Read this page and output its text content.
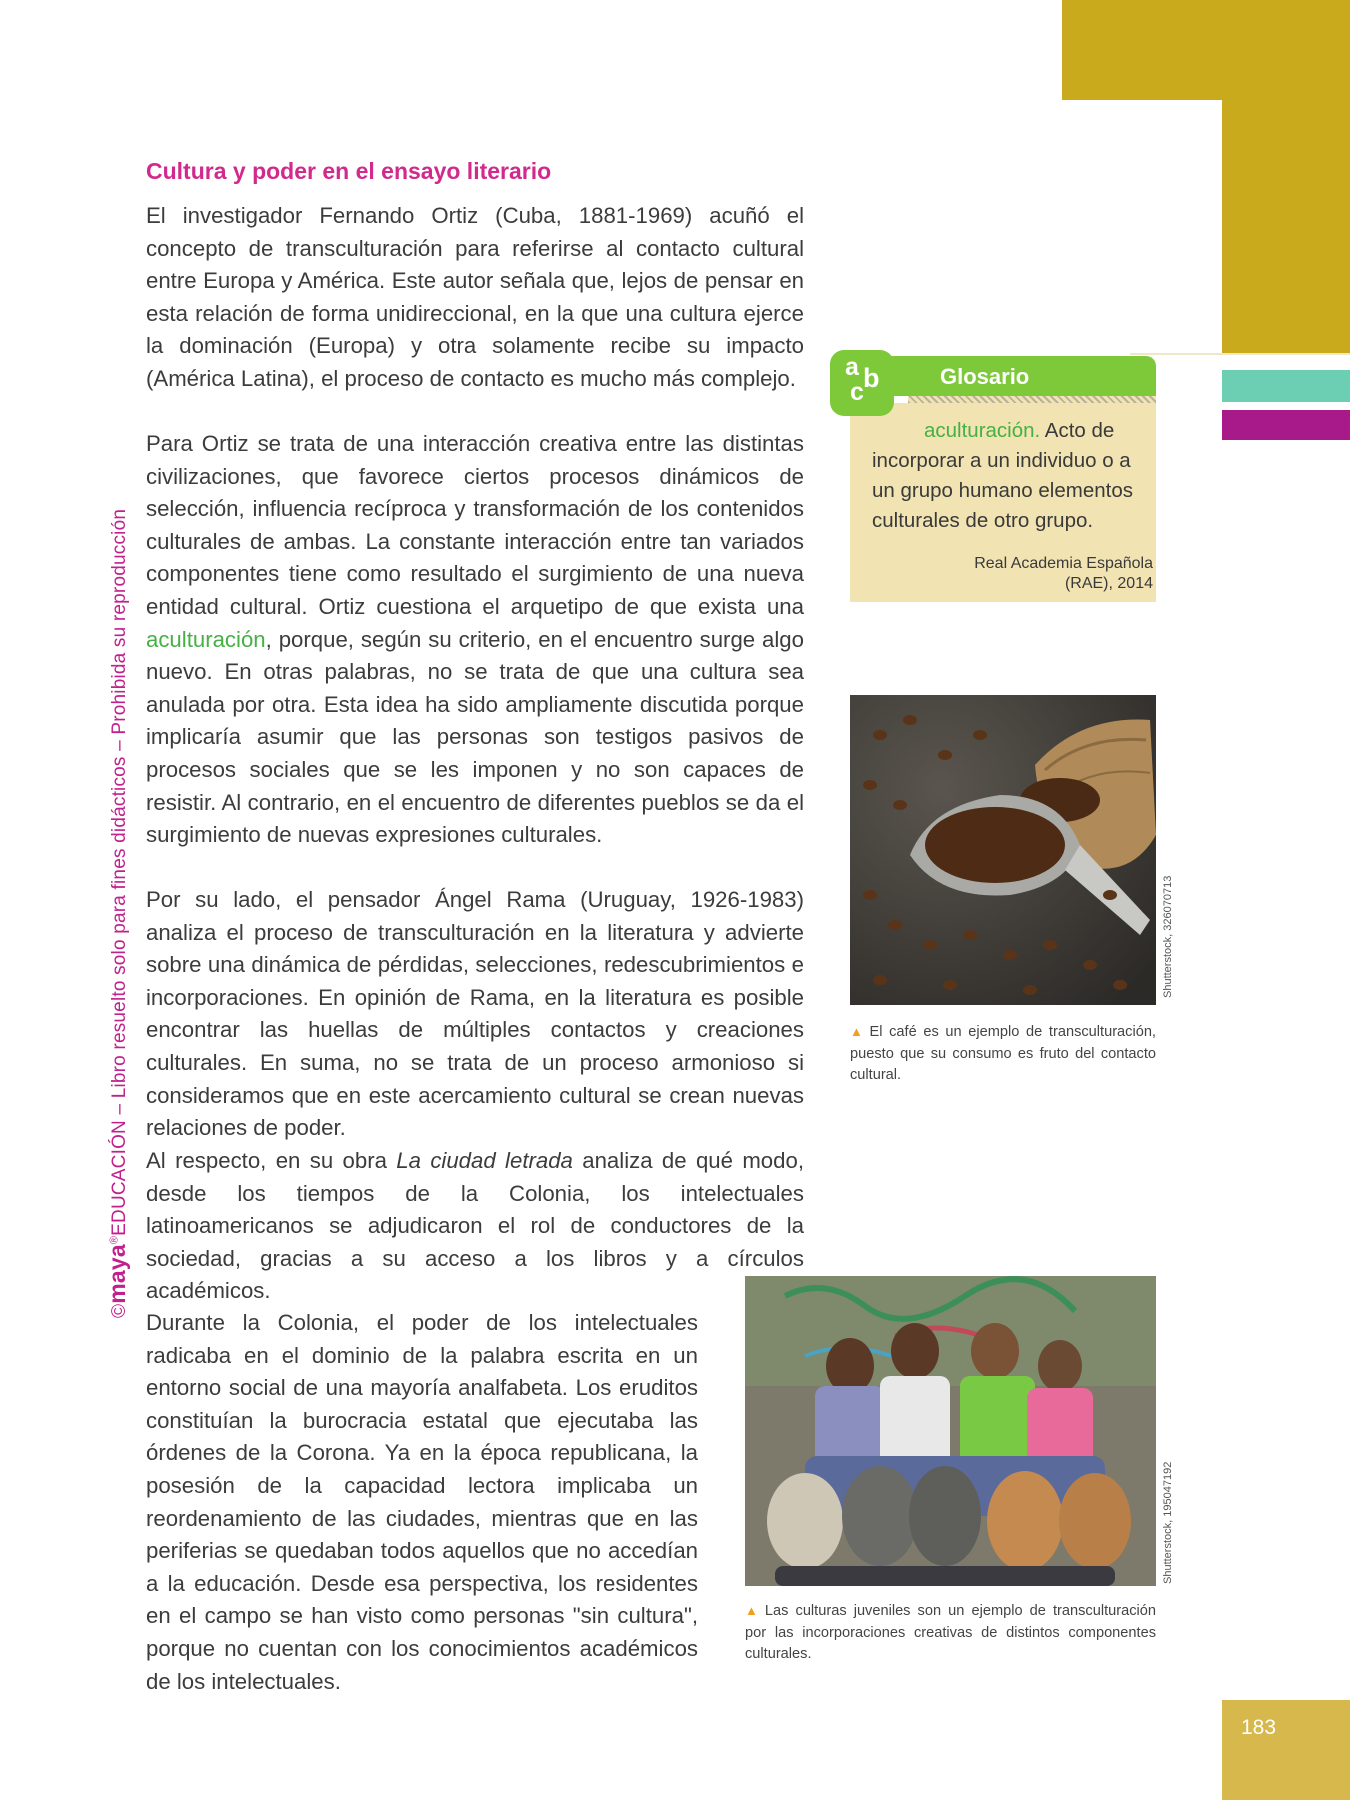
©maya®EDUCACIÓN – Libro resuelto solo para fines didácticos – Prohibida su reproducción
Cultura y poder en el ensayo literario

El investigador Fernando Ortiz (Cuba, 1881-1969) acuñó el concepto de transculturación para referirse al contacto cultural entre Europa y América. Este autor señala que, lejos de pensar en esta relación de forma unidireccional, en la que una cultura ejerce la dominación (Europa) y otra solamente recibe su impacto (América Latina), el proceso de contacto es mucho más complejo.

Para Ortiz se trata de una interacción creativa entre las distintas civilizaciones, que favorece ciertos procesos dinámicos de selección, influencia recíproca y transformación de los contenidos culturales de ambas. La constante interacción entre tan variados componentes tiene como resultado el surgimiento de una nueva entidad cultural. Ortiz cuestiona el arquetipo de que exista una aculturación, porque, según su criterio, en el encuentro surge algo nuevo. En otras palabras, no se trata de que una cultura sea anulada por otra. Esta idea ha sido ampliamente discutida porque implicaría asumir que las personas son testigos pasivos de procesos sociales que se les imponen y no son capaces de resistir. Al contrario, en el encuentro de diferentes pueblos se da el surgimiento de nuevas expresiones culturales.

Por su lado, el pensador Ángel Rama (Uruguay, 1926-1983) analiza el proceso de transculturación en la literatura y advierte sobre una dinámica de pérdidas, selecciones, redescubrimientos e incorporaciones. En opinión de Rama, en la literatura es posible encontrar las huellas de múltiples contactos y creaciones culturales. En suma, no se trata de un proceso armonioso si consideramos que en este acercamiento cultural se crean nuevas relaciones de poder.

Al respecto, en su obra La ciudad letrada analiza de qué modo, desde los tiempos de la Colonia, los intelectuales latinoamericanos se adjudicaron el rol de conductores de la sociedad, gracias a su acceso a los libros y a círculos académicos.

Durante la Colonia, el poder de los intelectuales radicaba en el dominio de la palabra escrita en un entorno social de una mayoría analfabeta. Los eruditos constituían la burocracia estatal que ejecutaba las órdenes de la Corona. Ya en la época republicana, la posesión de la capacidad lectora implicaba un reordenamiento de las ciudades, mientras que en las periferias se quedaban todos aquellos que no accedían a la educación. Desde esa perspectiva, los residentes en el campo se han visto como personas "sin cultura", porque no cuentan con los conocimientos académicos de los intelectuales.

Glosario
a b
c

aculturación. Acto de incorporar a un individuo o a un grupo humano elementos culturales de otro grupo.

Real Academia Española
(RAE), 2014

Shutterstock, 326070713

▲ El café es un ejemplo de transculturación, puesto que su consumo es fruto del contacto cultural.

Shutterstock, 195047192

▲ Las culturas juveniles son un ejemplo de transculturación por las incorporaciones creativas de distintos componentes culturales.

183
